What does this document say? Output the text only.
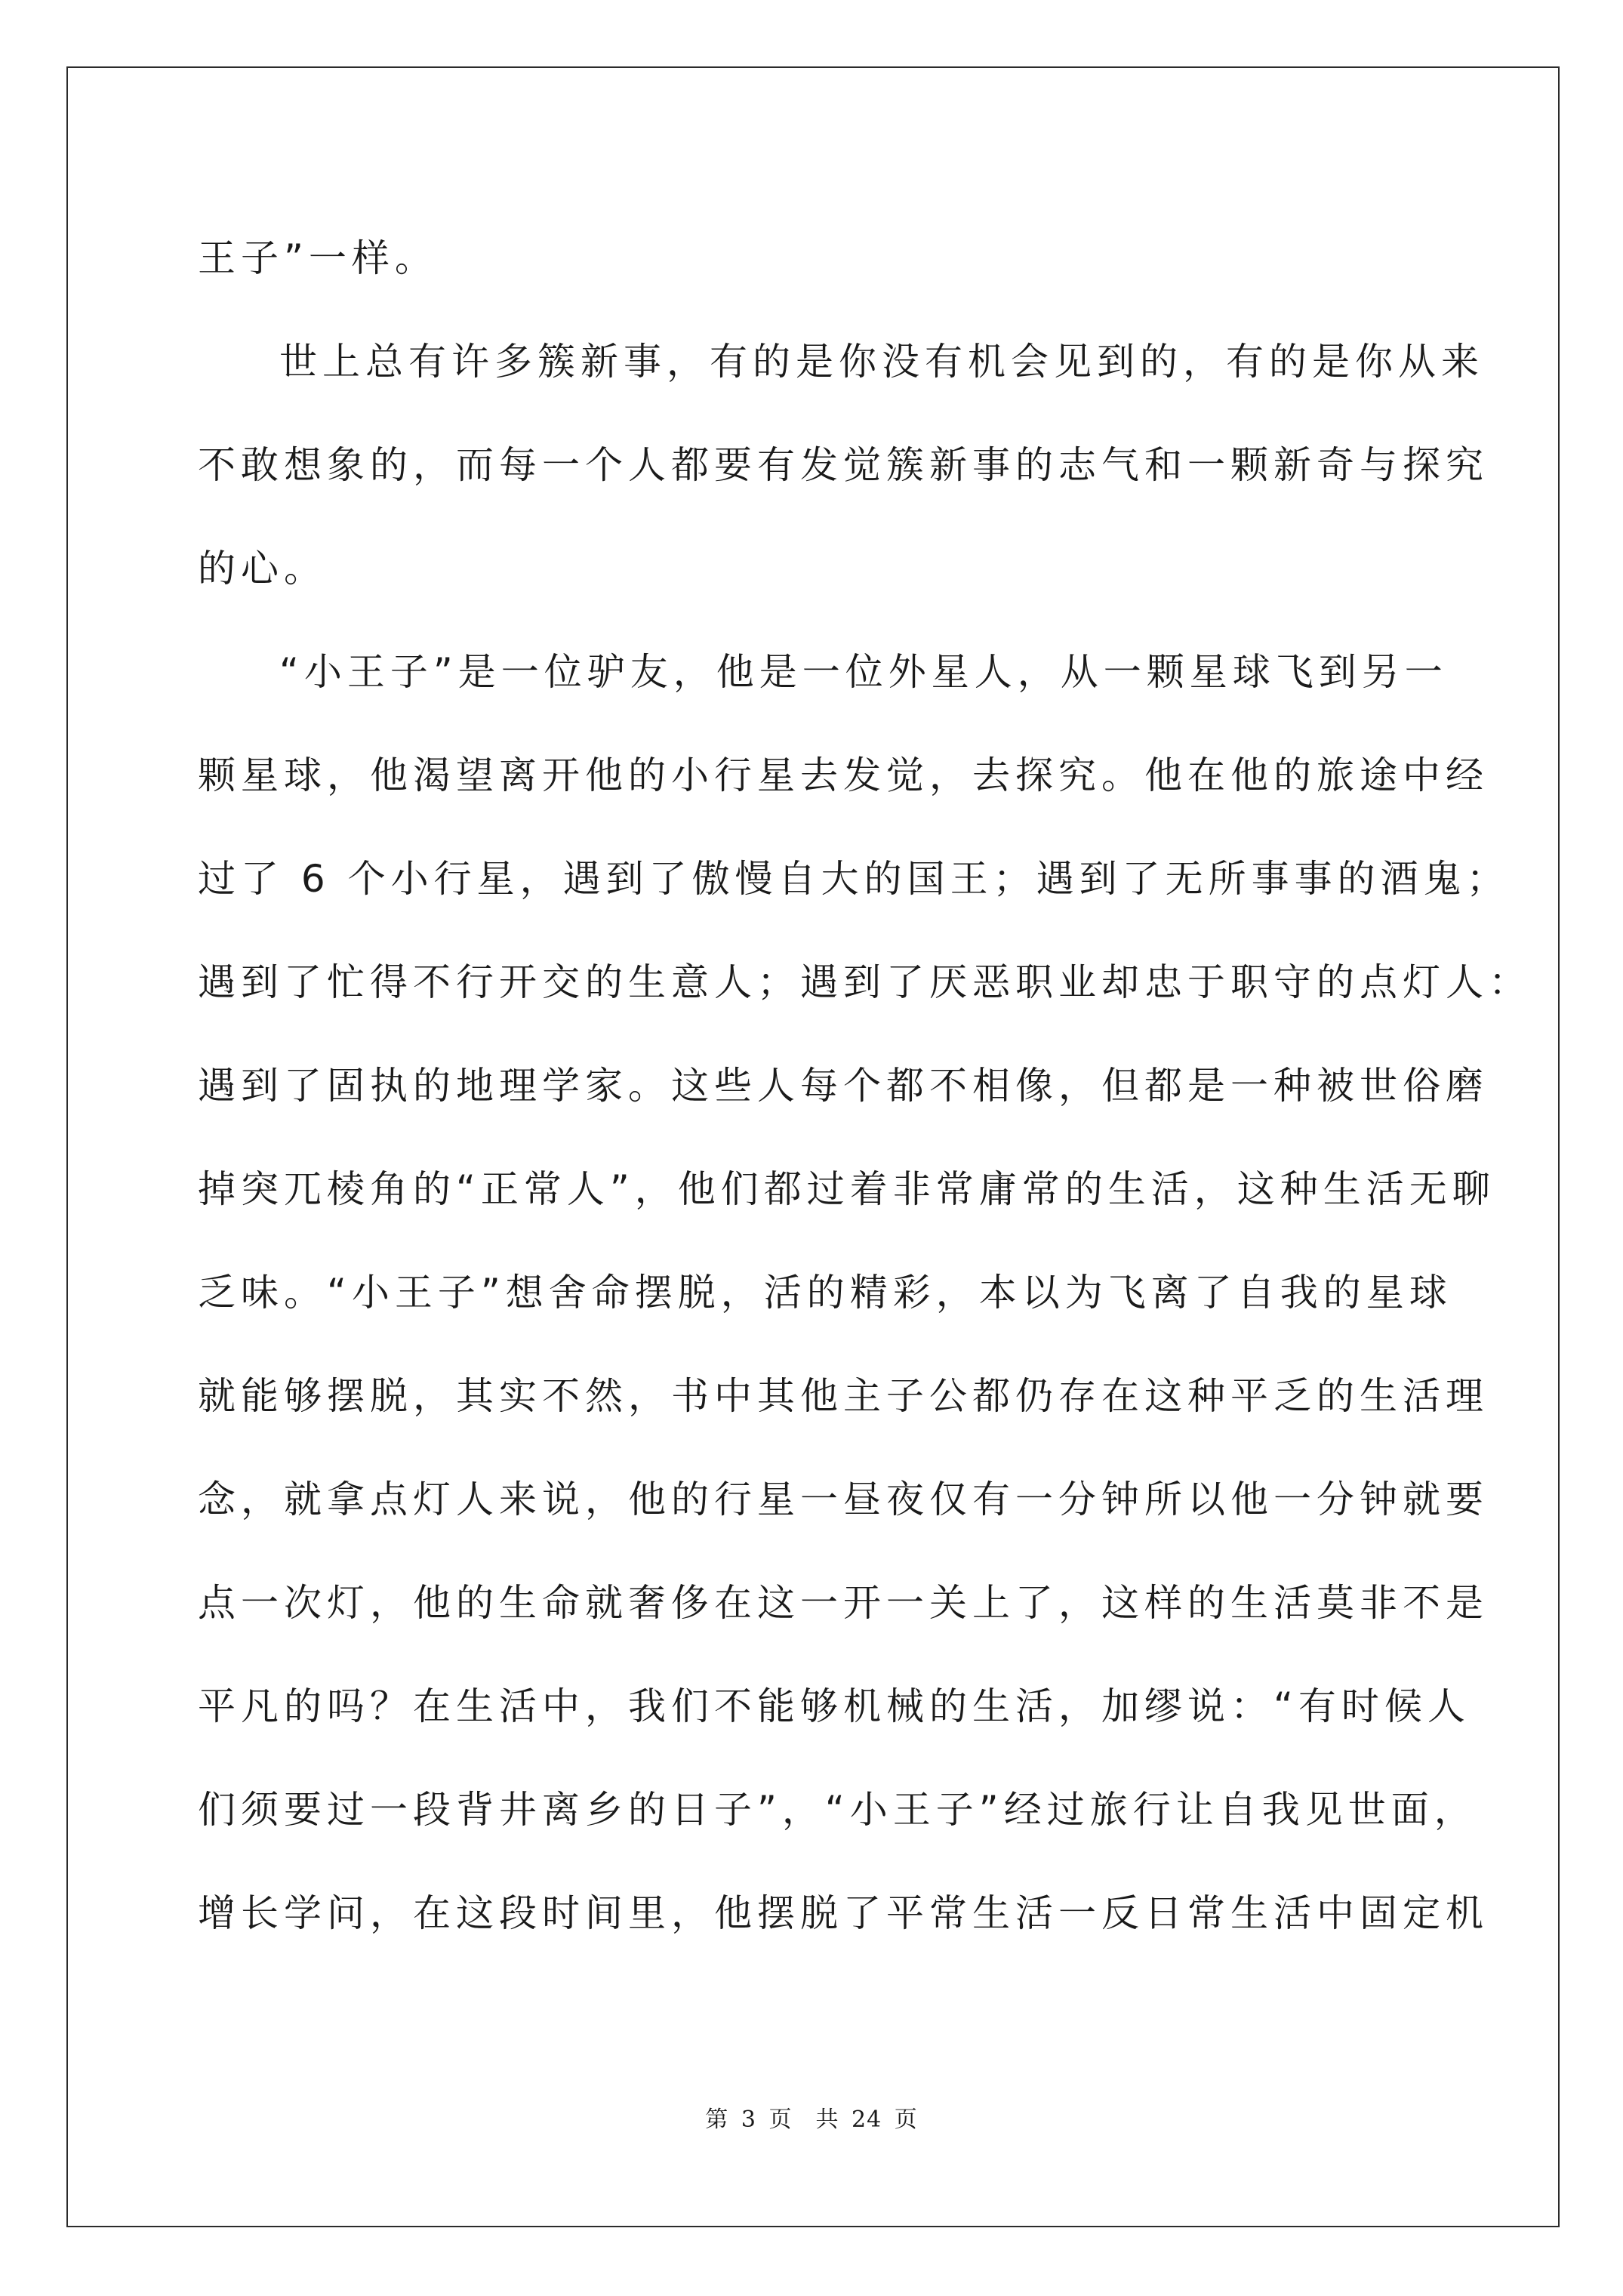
王子”一样。
世上总有许多簇新事，有的是你没有机会见到的，有的是你从来
不敢想象的，而每一个人都要有发觉簇新事的志气和一颗新奇与探究
的心。
“小王子”是一位驴友，他是一位外星人，从一颗星球飞到另一
颗星球，他渴望离开他的小行星去发觉，去探究。他在他的旅途中经
过了 6 个小行星，遇到了傲慢自大的国王；遇到了无所事事的酒鬼；
遇到了忙得不行开交的生意人；遇到了厌恶职业却忠于职守的点灯人：
遇到了固执的地理学家。这些人每个都不相像，但都是一种被世俗磨
掉突兀棱角的“正常人”，他们都过着非常庸常的生活，这种生活无聊
乏味。“小王子”想舍命摆脱，活的精彩，本以为飞离了自我的星球
就能够摆脱，其实不然，书中其他主子公都仍存在这种平乏的生活理
念，就拿点灯人来说，他的行星一昼夜仅有一分钟所以他一分钟就要
点一次灯，他的生命就奢侈在这一开一关上了，这样的生活莫非不是
平凡的吗？在生活中，我们不能够机械的生活，加缪说：“有时候人
们须要过一段背井离乡的日子”，“小王子”经过旅行让自我见世面，
增长学问，在这段时间里，他摆脱了平常生活一反日常生活中固定机
第 3 页　共 24 页
